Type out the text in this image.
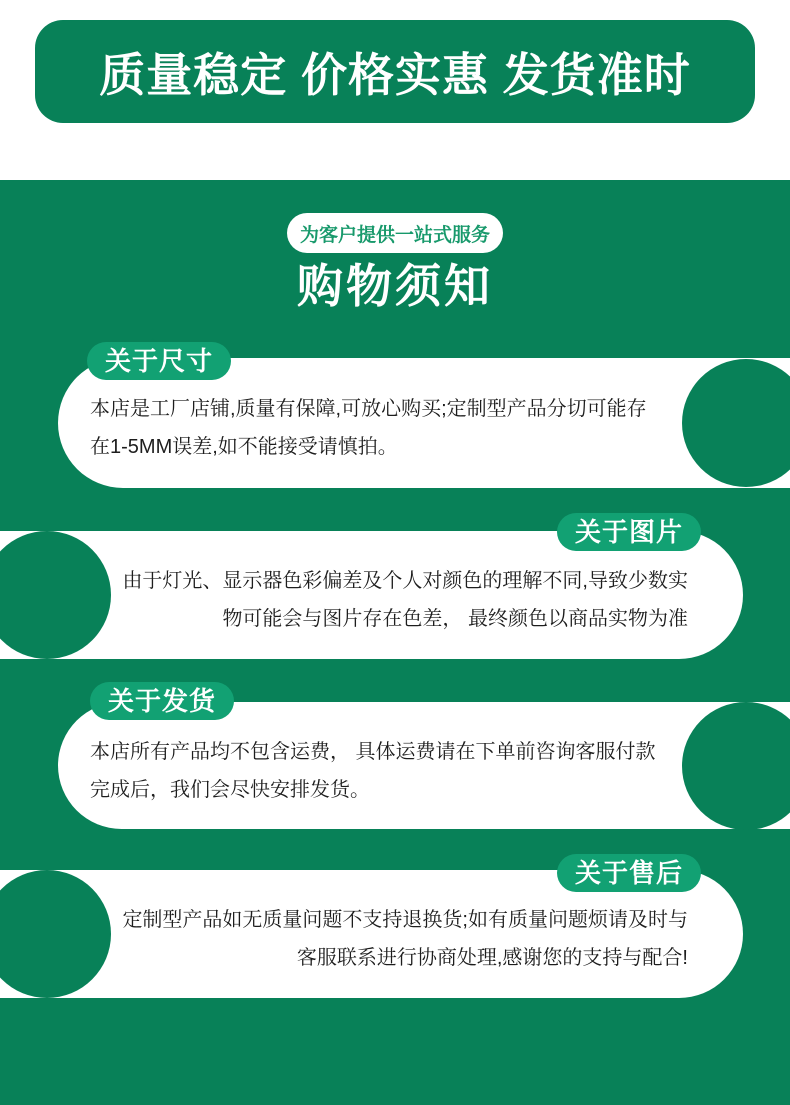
质量稳定 价格实惠 发货准时
为客户提供一站式服务
购物须知
本店是工厂店铺,质量有保障,可放心购买;定制型产品分切可能存
在1-5MM误差,如不能接受请慎拍。
关于尺寸
由于灯光、显示器色彩偏差及个人对颜色的理解不同,导致少数实
物可能会与图片存在色差， 最终颜色以商品实物为准
关于图片
本店所有产品均不包含运费， 具体运费请在下单前咨询客服付款
完成后，我们会尽快安排发货。
关于发货
定制型产品如无质量问题不支持退换货;如有质量问题烦请及时与
客服联系进行协商处理,感谢您的支持与配合!
关于售后
